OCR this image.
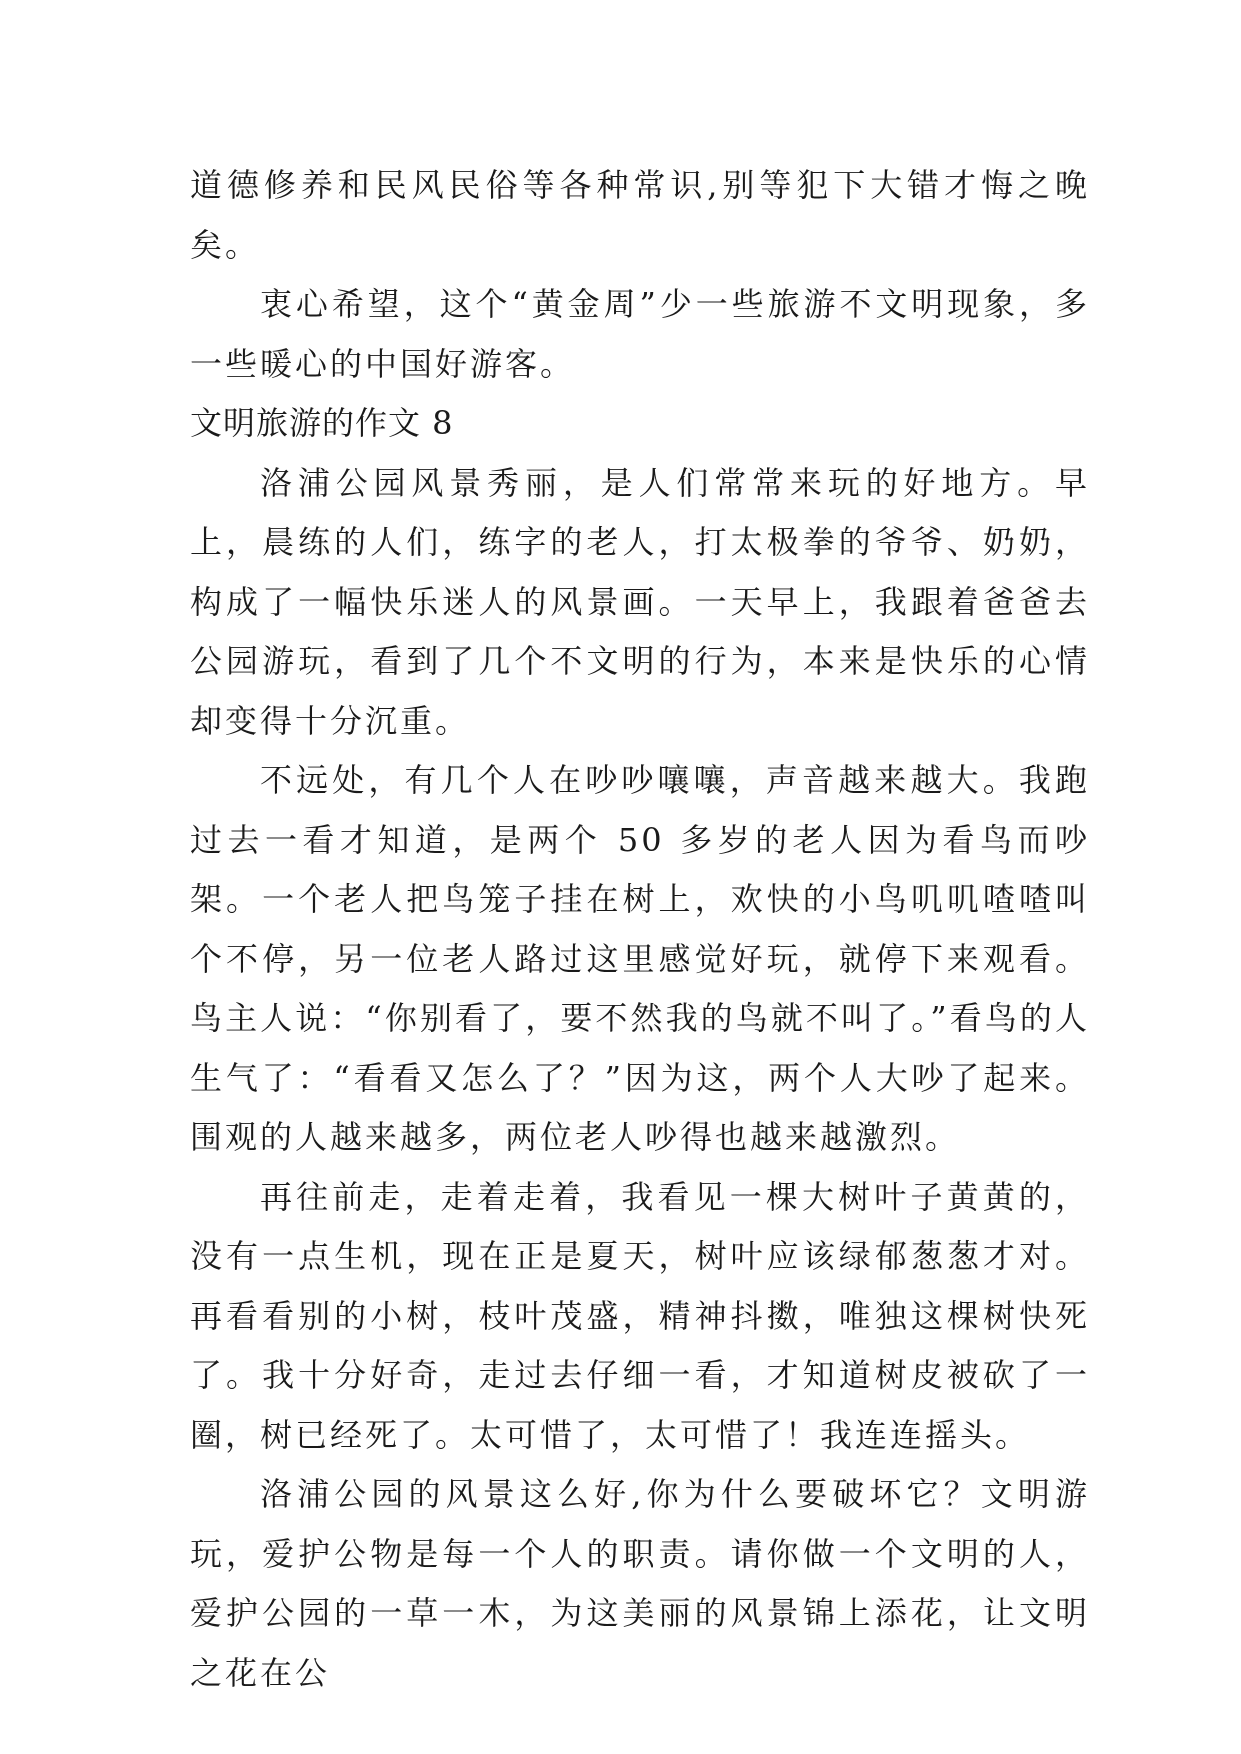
道德修养和民风民俗等各种常识,别等犯下大错才悔之晚矣。

衷心希望，这个“黄金周”少一些旅游不文明现象，多一些暖心的中国好游客。

文明旅游的作文 8

洛浦公园风景秀丽，是人们常常来玩的好地方。早上，晨练的人们，练字的老人，打太极拳的爷爷、奶奶，构成了一幅快乐迷人的风景画。一天早上，我跟着爸爸去公园游玩，看到了几个不文明的行为，本来是快乐的心情却变得十分沉重。

不远处，有几个人在吵吵嚷嚷，声音越来越大。我跑过去一看才知道，是两个 50 多岁的老人因为看鸟而吵架。一个老人把鸟笼子挂在树上，欢快的小鸟叽叽喳喳叫个不停，另一位老人路过这里感觉好玩，就停下来观看。鸟主人说：“你别看了，要不然我的鸟就不叫了。”看鸟的人生气了：“看看又怎么了？”因为这，两个人大吵了起来。围观的人越来越多，两位老人吵得也越来越激烈。

再往前走，走着走着，我看见一棵大树叶子黄黄的，没有一点生机，现在正是夏天，树叶应该绿郁葱葱才对。再看看别的小树，枝叶茂盛，精神抖擞，唯独这棵树快死了。我十分好奇，走过去仔细一看，才知道树皮被砍了一圈，树已经死了。太可惜了，太可惜了！我连连摇头。

洛浦公园的风景这么好,你为什么要破坏它？文明游玩，爱护公物是每一个人的职责。请你做一个文明的人，爱护公园的一草一木，为这美丽的风景锦上添花，让文明之花在公
